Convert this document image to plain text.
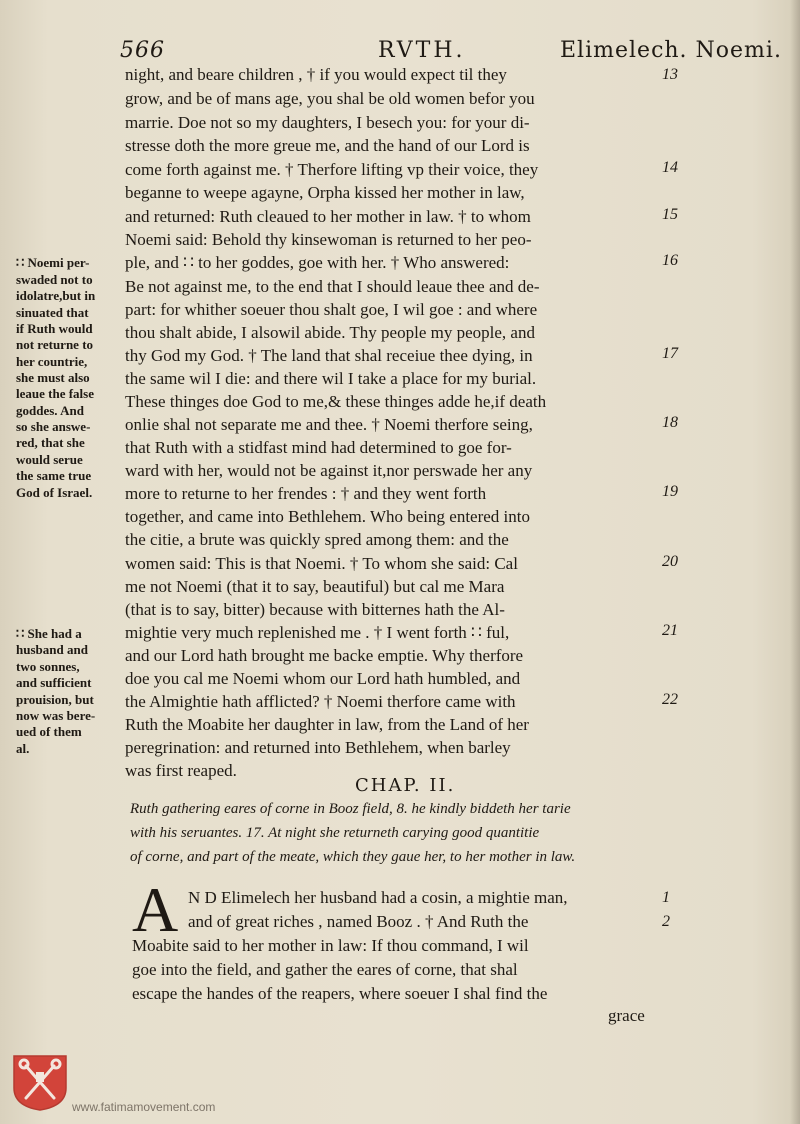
566	RVTH.	Elimelech. Noemi.
night, and beare children , † if you would expect til they
grow, and be of mans age, you shal be old women befor you
marrie. Doe not so my daughters, I besech you: for your di-
stresse doth the more greue me, and the hand of our Lord is
come forth against me. † Therfore lifting vp their voice, they
beganne to weepe agayne, Orpha kissed her mother in law,
and returned: Ruth cleaued to her mother in law. † to whom
Noemi said: Behold thy kinsewoman is returned to her peo-
ple, and ∷ to her goddes, goe with her. † Who answered:
Be not against me, to the end that I should leaue thee and de-
part: for whither soeuer thou shalt goe, I wil goe : and where
thou shalt abide, I alsowil abide. Thy people my people, and
thy God my God. † The land that shal receiue thee dying, in
the same wil I die: and there wil I take a place for my burial.
These thinges doe God to me,& these thinges adde he,if death
onlie shal not separate me and thee. † Noemi therfore seing,
that Ruth with a stidfast mind had determined to goe for-
ward with her, would not be against it,nor perswade her any
more to returne to her frendes : † and they went forth
together, and came into Bethlehem. Who being entered into
the citie, a brute was quickly spred among them: and the
women said: This is that Noemi. † To whom she said: Cal
me not Noemi (that it to say, beautiful) but cal me Mara
(that is to say, bitter) because with bitternes hath the Al-
mightie very much replenished me . † I went forth ∷ ful,
and our Lord hath brought me backe emptie. Why therfore
doe you cal me Noemi whom our Lord hath humbled, and
the Almightie hath afflicted? † Noemi therfore came with
Ruth the Moabite her daughter in law, from the Land of her
peregrination: and returned into Bethlehem, when barley
was first reaped.
13
14
15
16
17
18
19
20
21
22
∷ Noemi per-
swaded not to
idolatre,but in
sinuated that
if Ruth would
not returne to
her countrie,
she must also
leaue the false
goddes. And
so she answe-
red, that she
would serue
the same true
God of Israel.
∷ She had a
husband and
two sonnes,
and sufficient
prouision, but
now was bere-
ued of them
al.
CHAP. II.
Ruth gathering eares of corne in Booz field, 8. he kindly biddeth her tarie
with his seruantes. 17. At night she returneth carying good quantitie
of corne, and part of the meate, which they gaue her, to her mother in law.
A N D Elimelech her husband had a cosin, a mightie man,
and of great riches , named Booz . † And Ruth the
Moabite said to her mother in law: If thou command, I wil
goe into the field, and gather the eares of corne, that shal
escape the handes of the reapers, where soeuer I shal find the
grace
1
2
www.fatimamovement.com
